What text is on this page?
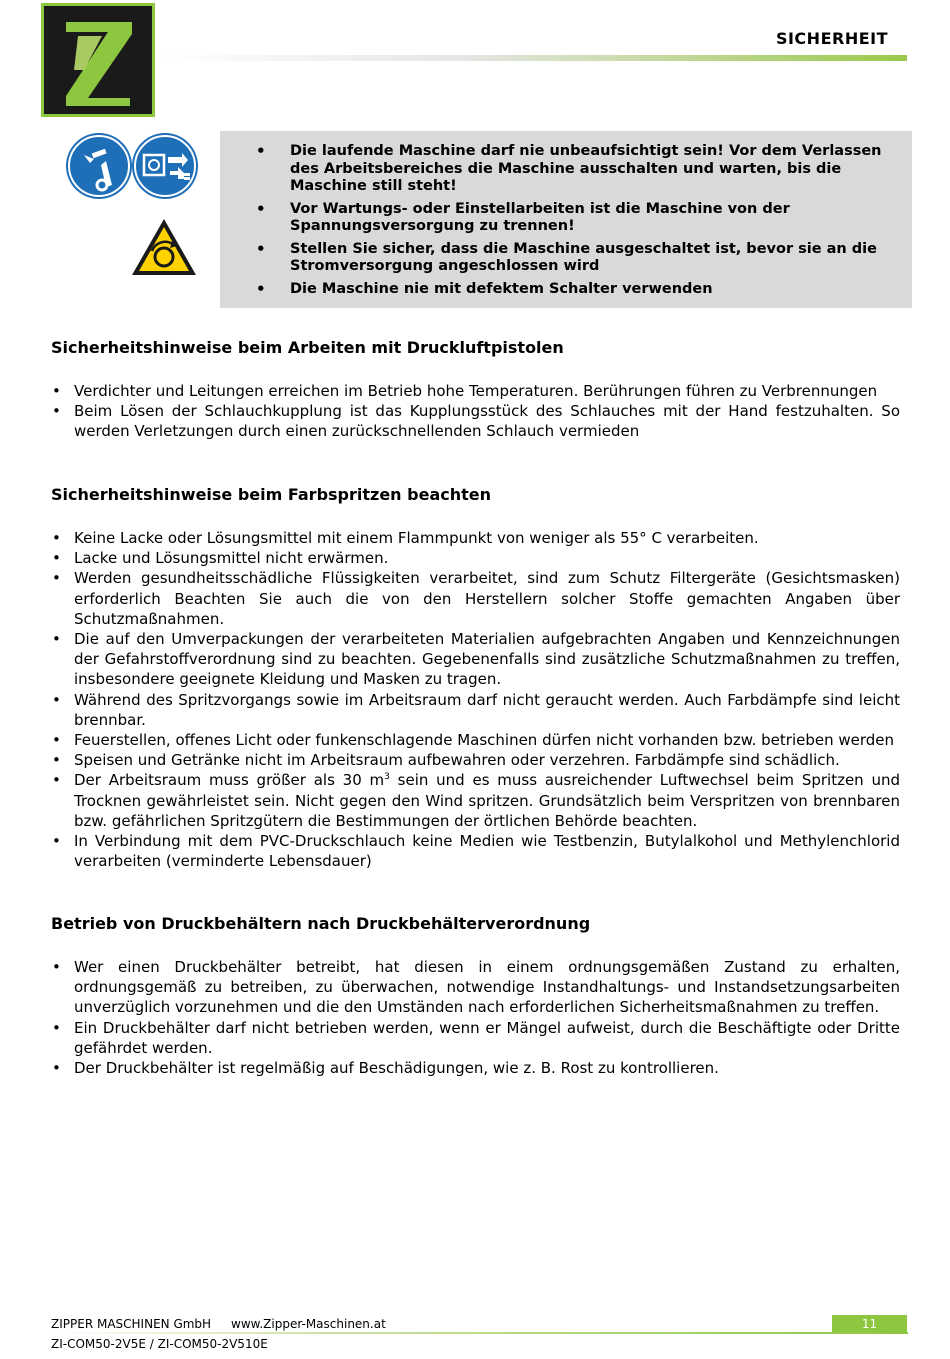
SICHERHEIT
• Die laufende Maschine darf nie unbeaufsichtigt sein! Vor dem Verlassen des Arbeitsbereiches die Maschine ausschalten und warten, bis die Maschine still steht!
• Vor Wartungs- oder Einstellarbeiten ist die Maschine von der Spannungsversorgung zu trennen!
• Stellen Sie sicher, dass die Maschine ausgeschaltet ist, bevor sie an die Stromversorgung angeschlossen wird
• Die Maschine nie mit defektem Schalter verwenden
Sicherheitshinweise beim Arbeiten mit Druckluftpistolen
• Verdichter und Leitungen erreichen im Betrieb hohe Temperaturen. Berührungen führen zu Verbrennungen
• Beim Lösen der Schlauchkupplung ist das Kupplungsstück des Schlauches mit der Hand festzuhalten. So werden Verletzungen durch einen zurückschnellenden Schlauch vermieden
Sicherheitshinweise beim Farbspritzen beachten
• Keine Lacke oder Lösungsmittel mit einem Flammpunkt von weniger als 55° C verarbeiten.
• Lacke und Lösungsmittel nicht erwärmen.
• Werden gesundheitsschädliche Flüssigkeiten verarbeitet, sind zum Schutz Filtergeräte (Gesichtsmasken) erforderlich Beachten Sie auch die von den Herstellern solcher Stoffe gemachten Angaben über Schutzmaßnahmen.
• Die auf den Umverpackungen der verarbeiteten Materialien aufgebrachten Angaben und Kennzeichnungen der Gefahrstoffverordnung sind zu beachten. Gegebenenfalls sind zusätzliche Schutzmaßnahmen zu treffen, insbesondere geeignete Kleidung und Masken zu tragen.
• Während des Spritzvorgangs sowie im Arbeitsraum darf nicht geraucht werden. Auch Farbdämpfe sind leicht brennbar.
• Feuerstellen, offenes Licht oder funkenschlagende Maschinen dürfen nicht vorhanden bzw. betrieben werden
• Speisen und Getränke nicht im Arbeitsraum aufbewahren oder verzehren. Farbdämpfe sind schädlich.
• Der Arbeitsraum muss größer als 30 $m^3$ sein und es muss ausreichender Luftwechsel beim Spritzen und Trocknen gewährleistet sein. Nicht gegen den Wind spritzen. Grundsätzlich beim Verspritzen von brennbaren bzw. gefährlichen Spritzgütern die Bestimmungen der örtlichen Behörde beachten.
• In Verbindung mit dem PVC-Druckschlauch keine Medien wie Testbenzin, Butylalkohol und Methylenchlorid verarbeiten (verminderte Lebensdauer)
Betrieb von Druckbehältern nach Druckbehälterverordnung
• Wer einen Druckbehälter betreibt, hat diesen in einem ordnungsgemäßen Zustand zu erhalten, ordnungsgemäß zu betreiben, zu überwachen, notwendige Instandhaltungs- und Instandsetzungsarbeiten unverzüglich vorzunehmen und die den Umständen nach erforderlichen Sicherheitsmaßnahmen zu treffen.
• Ein Druckbehälter darf nicht betrieben werden, wenn er Mängel aufweist, durch die Beschäftigte oder Dritte gefährdet werden.
• Der Druckbehälter ist regelmäßig auf Beschädigungen, wie z. B. Rost zu kontrollieren.
ZIPPER MASCHINEN GmbH www.Zipper-Maschinen.at	11
ZI-COM50-2V5E / ZI-COM50-2V510E
